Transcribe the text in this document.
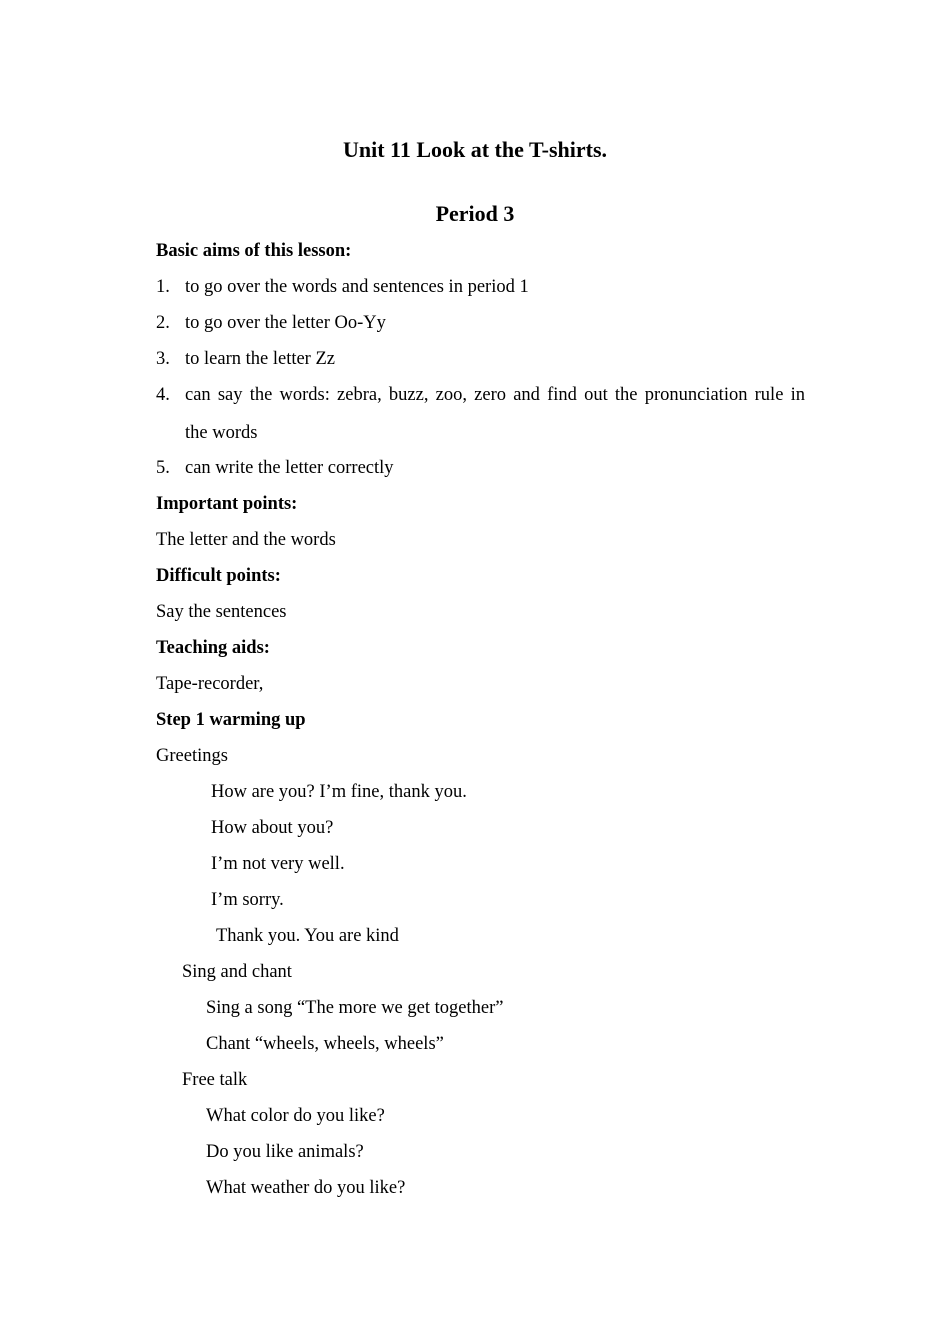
Unit 11 Look at the T-shirts.
Period 3
Basic aims of this lesson:
1. to go over the words and sentences in period 1
2. to go over the letter Oo-Yy
3. to learn the letter Zz
4. can say the words: zebra, buzz, zoo, zero and find out the pronunciation rule in
the words
5. can write the letter correctly
Important points:
The letter and the words
Difficult points:
Say the sentences
Teaching aids:
Tape-recorder,
Step 1 warming up
Greetings
How are you? I’m fine, thank you.
How about you?
I’m not very well.
I’m sorry.
Thank you. You are kind
Sing and chant
Sing a song “The more we get together”
Chant “wheels, wheels, wheels”
Free talk
What color do you like?
Do you like animals?
What weather do you like?
